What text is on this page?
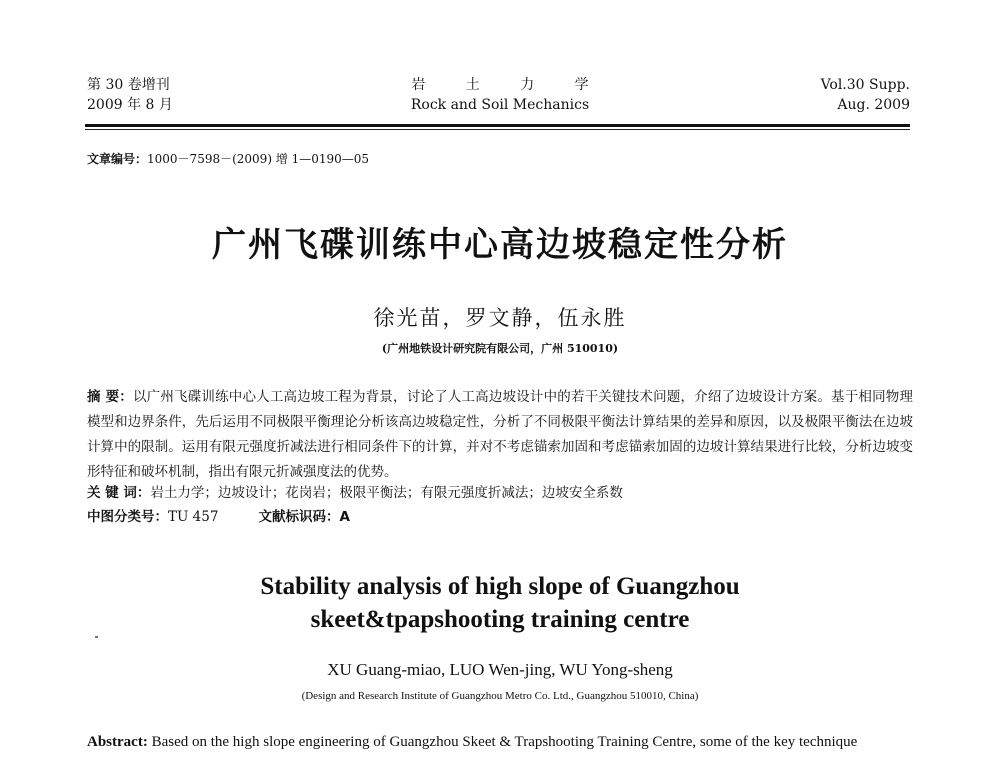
第 30 卷增刊
2009 年 8 月
岩 土 力 学
Rock and Soil Mechanics
Vol.30 Supp.
Aug. 2009
文章编号：1000－7598－(2009) 增 1—0190—05
广州飞碟训练中心高边坡稳定性分析
徐光苗，罗文静，伍永胜
(广州地铁设计研究院有限公司，广州 510010)
摘 要：以广州飞碟训练中心人工高边坡工程为背景，讨论了人工高边坡设计中的若干关键技术问题，介绍了边坡设计方案。基于相同物理模型和边界条件，先后运用不同极限平衡理论分析该高边坡稳定性，分析了不同极限平衡法计算结果的差异和原因，以及极限平衡法在边坡计算中的限制。运用有限元强度折减法进行相同条件下的计算，并对不考虑锚索加固和考虑锚索加固的边坡计算结果进行比较，分析边坡变形特征和破坏机制，指出有限元折减强度法的优势。
关 键 词：岩土力学；边坡设计；花岗岩；极限平衡法；有限元强度折减法；边坡安全系数
中图分类号：TU 457	文献标识码：A
Stability analysis of high slope of Guangzhou
skeet&tpapshooting training centre
XU Guang-miao, LUO Wen-jing, WU Yong-sheng
(Design and Research Institute of Guangzhou Metro Co. Ltd., Guangzhou 510010, China)
Abstract: Based on the high slope engineering of Guangzhou Skeet & Trapshooting Training Centre, some of the key technique
